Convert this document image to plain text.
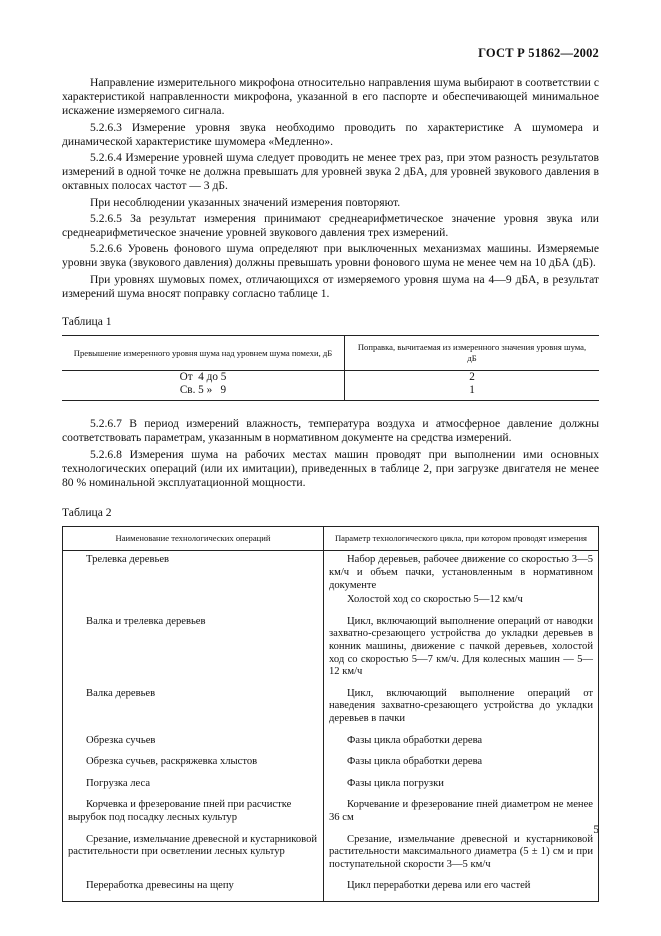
ГОСТ Р 51862—2002

Направление измерительного микрофона относительно направления шума выбирают в соответствии с характеристикой направленности микрофона, указанной в его паспорте и обеспечивающей минимальное искажение измеряемого сигнала.

5.2.6.3 Измерение уровня звука необходимо проводить по характеристике А шумомера и динамической характеристике шумомера «Медленно».

5.2.6.4 Измерение уровней шума следует проводить не менее трех раз, при этом разность результатов измерений в одной точке не должна превышать для уровней звука 2 дБА, для уровней звукового давления в октавных полосах частот — 3 дБ.

При несоблюдении указанных значений измерения повторяют.

5.2.6.5 За результат измерения принимают среднеарифметическое значение уровня звука или среднеарифметическое значение уровней звукового давления трех измерений.

5.2.6.6 Уровень фонового шума определяют при выключенных механизмах машины. Измеряемые уровни звука (звукового давления) должны превышать уровни фонового шума не менее чем на 10 дБА (дБ).

При уровнях шумовых помех, отличающихся от измеряемого уровня шума на 4—9 дБА, в результат измерений шума вносят поправку согласно таблице 1.

Таблица 1
Превышение измеренного уровня шума над уровнем шума помехи, дБ	Поправка, вычитаемая из измеренного значения уровня шума, дБ
От  4 до 5	2
Св. 5 »   9	1

5.2.6.7 В период измерений влажность, температура воздуха и атмосферное давление должны соответствовать параметрам, указанным в нормативном документе на средства измерений.

5.2.6.8 Измерения шума на рабочих местах машин проводят при выполнении ими основных технологических операций (или их имитации), приведенных в таблице 2, при загрузке двигателя не менее 80 % номинальной эксплуатационной мощности.

Таблица 2
Наименование технологических операций	Параметр технологического цикла, при котором проводят измерения
Трелевка деревьев	Набор деревьев, рабочее движение со скоростью 3—5 км/ч и объем пачки, установленным в нормативном документе
Холостой ход со скоростью 5—12 км/ч

Валка и трелевка деревьев	Цикл, включающий выполнение операций от наводки захватно-срезающего устройства до укладки деревьев в конник машины, движение с пачкой деревьев, холостой ход со скоростью 5—7 км/ч. Для колесных машин — 5—12 км/ч

Валка деревьев	Цикл, включающий выполнение операций от наведения захватно-срезающего устройства до укладки деревьев в пачки

Обрезка сучьев	Фазы цикла обработки дерева

Обрезка сучьев, раскряжевка хлыстов	Фазы цикла обработки дерева

Погрузка леса	Фазы цикла погрузки

Корчевка и фрезерование пней при расчистке вырубок под посадку лесных культур	Корчевание и фрезерование пней диаметром не менее 36 см

Срезание, измельчание древесной и кустарниковой растительности при осветлении лесных культур	Срезание, измельчание древесной и кустарниковой растительности максимального диаметра (5 ± 1) см и при поступательной скорости 3—5 км/ч

Переработка древесины на щепу	Цикл переработки дерева или его частей
5
